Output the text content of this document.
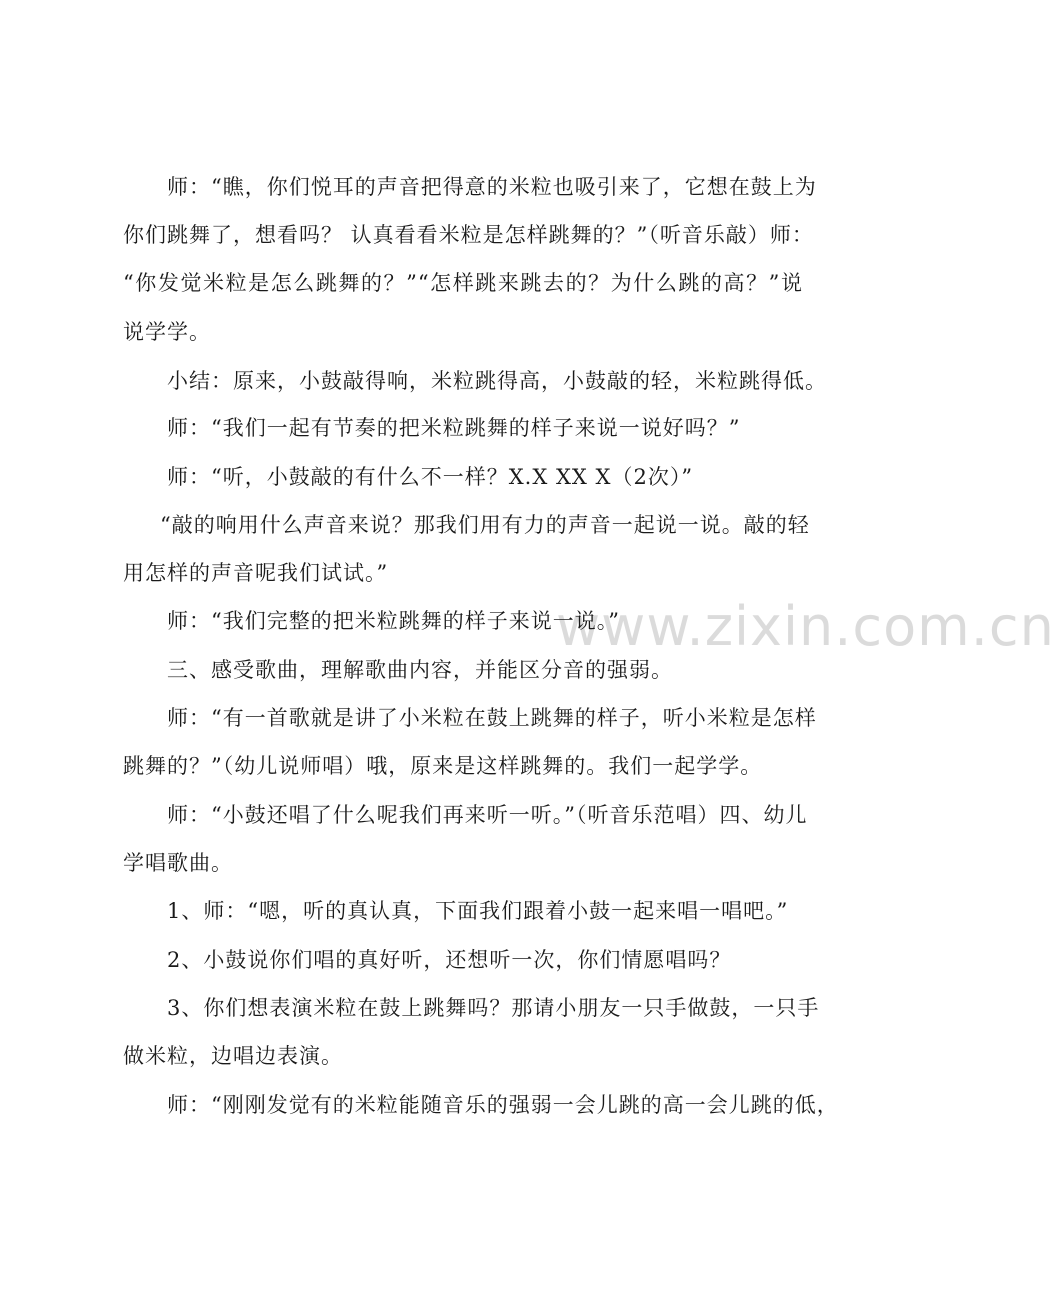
www.zixin.com.cn
师：“瞧，你们悦耳的声音把得意的米粒也吸引来了，它想在鼓上为
你们跳舞了，想看吗？ 认真看看米粒是怎样跳舞的？”（听音乐敲）师：
“你发觉米粒是怎么跳舞的？”“怎样跳来跳去的？为什么跳的高？”说
说学学。
小结：原来，小鼓敲得响，米粒跳得高，小鼓敲的轻，米粒跳得低。
师：“我们一起有节奏的把米粒跳舞的样子来说一说好吗？”
师：“听，小鼓敲的有什么不一样？X.X XX X（2次）”
“敲的响用什么声音来说？那我们用有力的声音一起说一说。敲的轻
用怎样的声音呢我们试试。”
师：“我们完整的把米粒跳舞的样子来说一说。”
三、感受歌曲，理解歌曲内容，并能区分音的强弱。
师：“有一首歌就是讲了小米粒在鼓上跳舞的样子，听小米粒是怎样
跳舞的？”（幼儿说师唱）哦，原来是这样跳舞的。我们一起学学。
师：“小鼓还唱了什么呢我们再来听一听。”（听音乐范唱）四、幼儿
学唱歌曲。
1、师：“嗯，听的真认真，下面我们跟着小鼓一起来唱一唱吧。”
2、小鼓说你们唱的真好听，还想听一次，你们情愿唱吗？
3、你们想表演米粒在鼓上跳舞吗？那请小朋友一只手做鼓，一只手
做米粒，边唱边表演。
师：“刚刚发觉有的米粒能随音乐的强弱一会儿跳的高一会儿跳的低，
